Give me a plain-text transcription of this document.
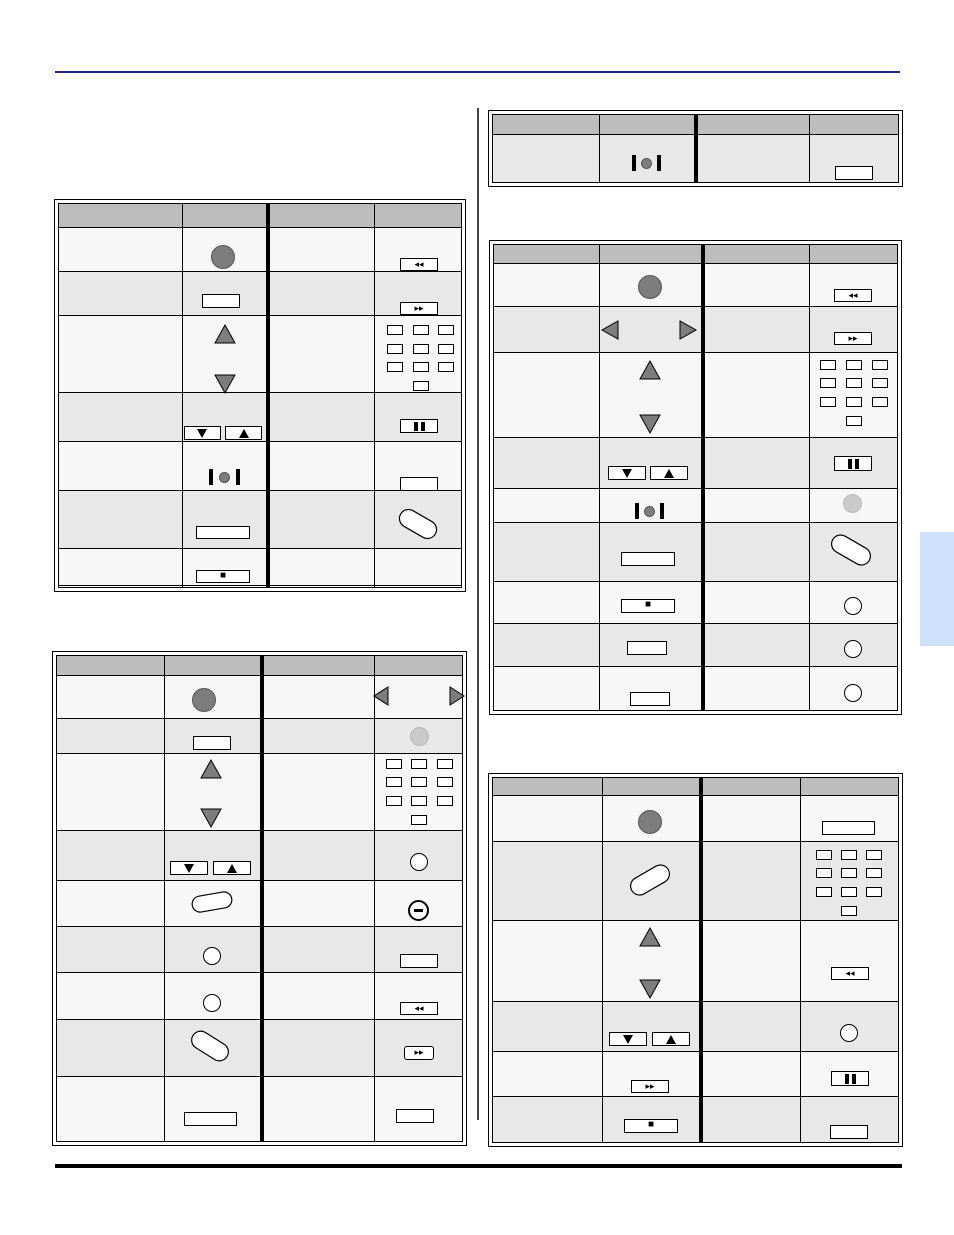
◂◂
▸▸
■
◂◂
▸▸
◂◂
▸▸
■
◂◂
▸▸
■
